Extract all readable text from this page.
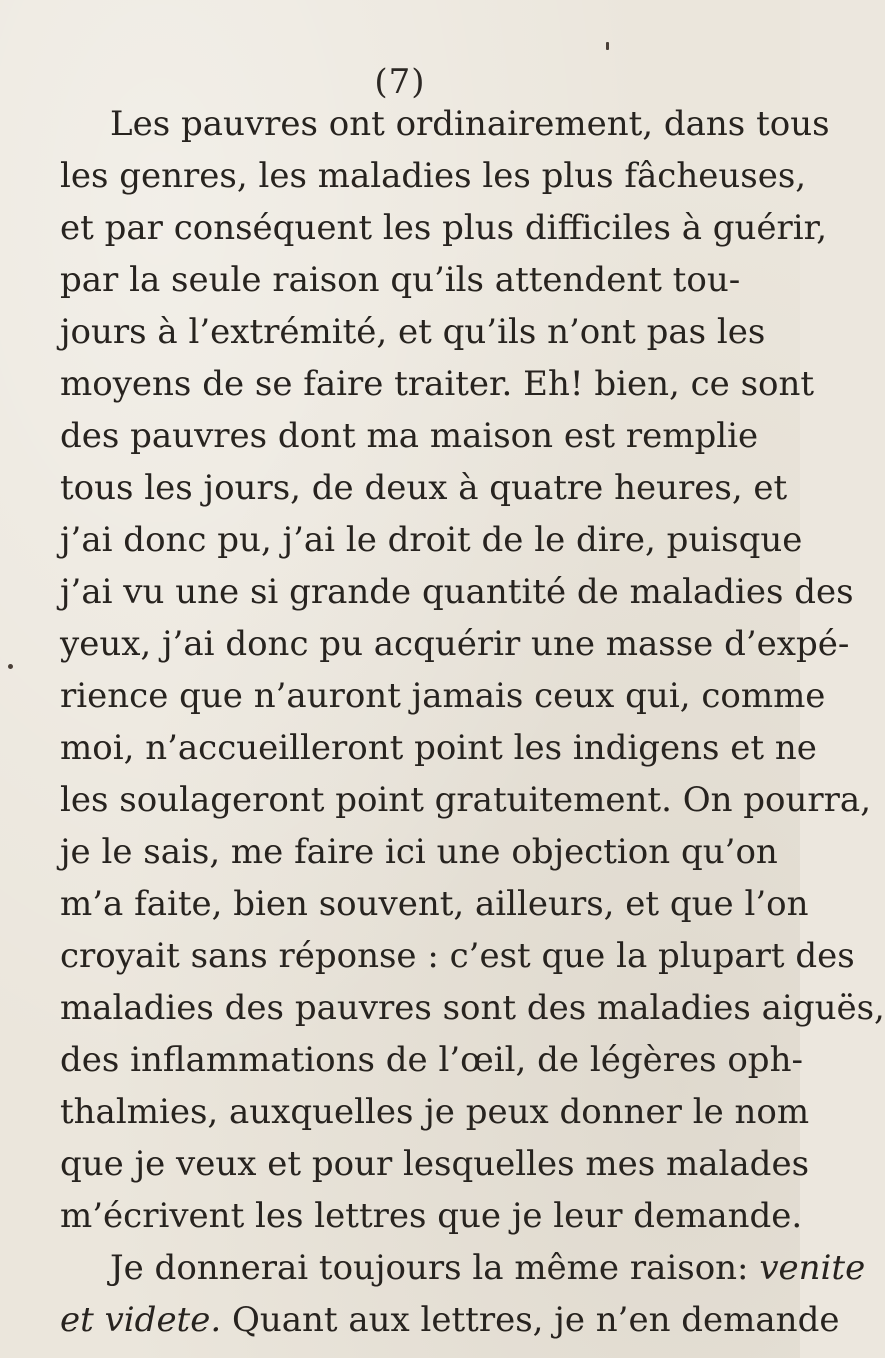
(7)
Les pauvres ont ordinairement, dans tous
les genres, les maladies les plus fâcheuses,
et par conséquent les plus difficiles à guérir,
par la seule raison qu’ils attendent tou-
jours à l’extrémité, et qu’ils n’ont pas les
moyens de se faire traiter. Eh! bien, ce sont
des pauvres dont ma maison est remplie
tous les jours, de deux à quatre heures, et
j’ai donc pu, j’ai le droit de le dire, puisque
j’ai vu une si grande quantité de maladies des
yeux, j’ai donc pu acquérir une masse d’expé-
rience que n’auront jamais ceux qui, comme
moi, n’accueilleront point les indigens et ne
les soulageront point gratuitement. On pourra,
je le sais, me faire ici une objection qu’on
m’a faite, bien souvent, ailleurs, et que l’on
croyait sans réponse : c’est que la plupart des
maladies des pauvres sont des maladies aiguës,
des inflammations de l’œil, de légères oph-
thalmies, auxquelles je peux donner le nom
que je veux et pour lesquelles mes malades
m’écrivent les lettres que je leur demande.
Je donnerai toujours la même raison: venite
et videte. Quant aux lettres, je n’en demande
